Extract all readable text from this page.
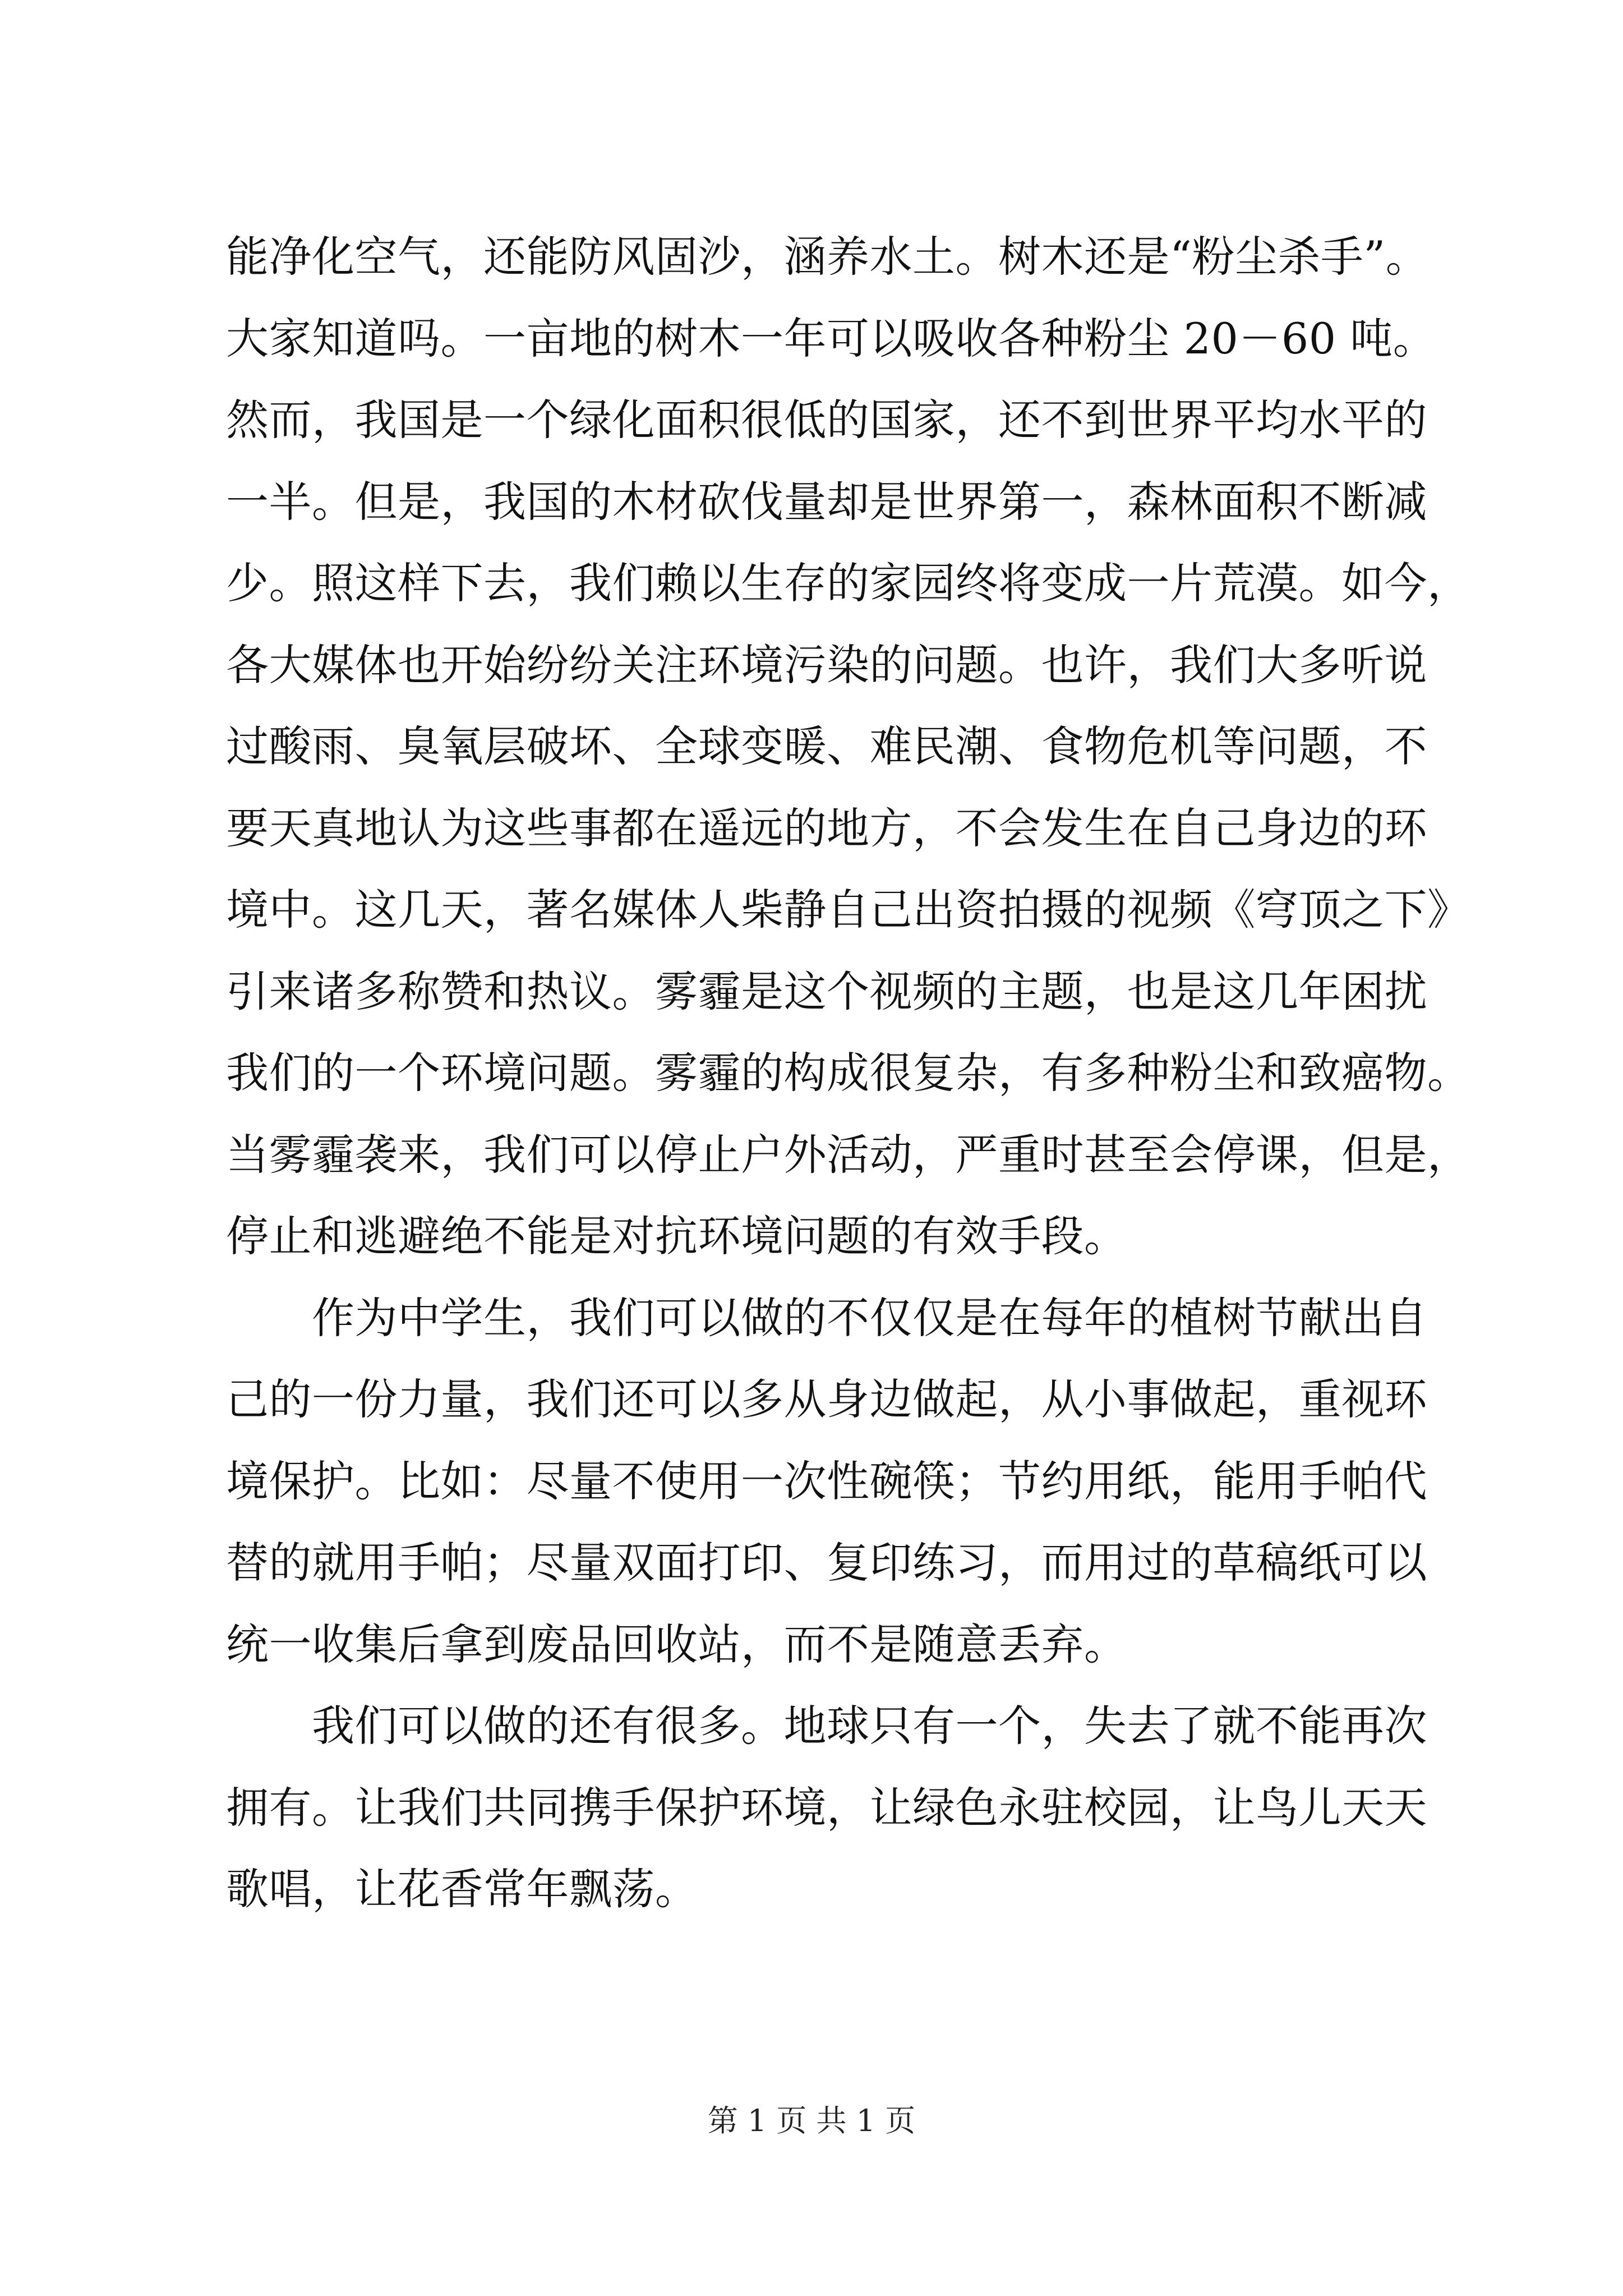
能净化空气，还能防风固沙，涵养水土。树木还是“粉尘杀手”。
大家知道吗。一亩地的树木一年可以吸收各种粉尘 20－60 吨。
然而，我国是一个绿化面积很低的国家，还不到世界平均水平的
一半。但是，我国的木材砍伐量却是世界第一，森林面积不断减
少。照这样下去，我们赖以生存的家园终将变成一片荒漠。如今，
各大媒体也开始纷纷关注环境污染的问题。也许，我们大多听说
过酸雨、臭氧层破坏、全球变暖、难民潮、食物危机等问题，不
要天真地认为这些事都在遥远的地方，不会发生在自己身边的环
境中。这几天，著名媒体人柴静自己出资拍摄的视频《穹顶之下》
引来诸多称赞和热议。雾霾是这个视频的主题，也是这几年困扰
我们的一个环境问题。雾霾的构成很复杂，有多种粉尘和致癌物。
当雾霾袭来，我们可以停止户外活动，严重时甚至会停课，但是，
停止和逃避绝不能是对抗环境问题的有效手段。
　　作为中学生，我们可以做的不仅仅是在每年的植树节献出自
己的一份力量，我们还可以多从身边做起，从小事做起，重视环
境保护。比如：尽量不使用一次性碗筷；节约用纸，能用手帕代
替的就用手帕；尽量双面打印、复印练习，而用过的草稿纸可以
统一收集后拿到废品回收站，而不是随意丢弃。
　　我们可以做的还有很多。地球只有一个，失去了就不能再次
拥有。让我们共同携手保护环境，让绿色永驻校园，让鸟儿天天
歌唱，让花香常年飘荡。
第 1 页 共 1 页
